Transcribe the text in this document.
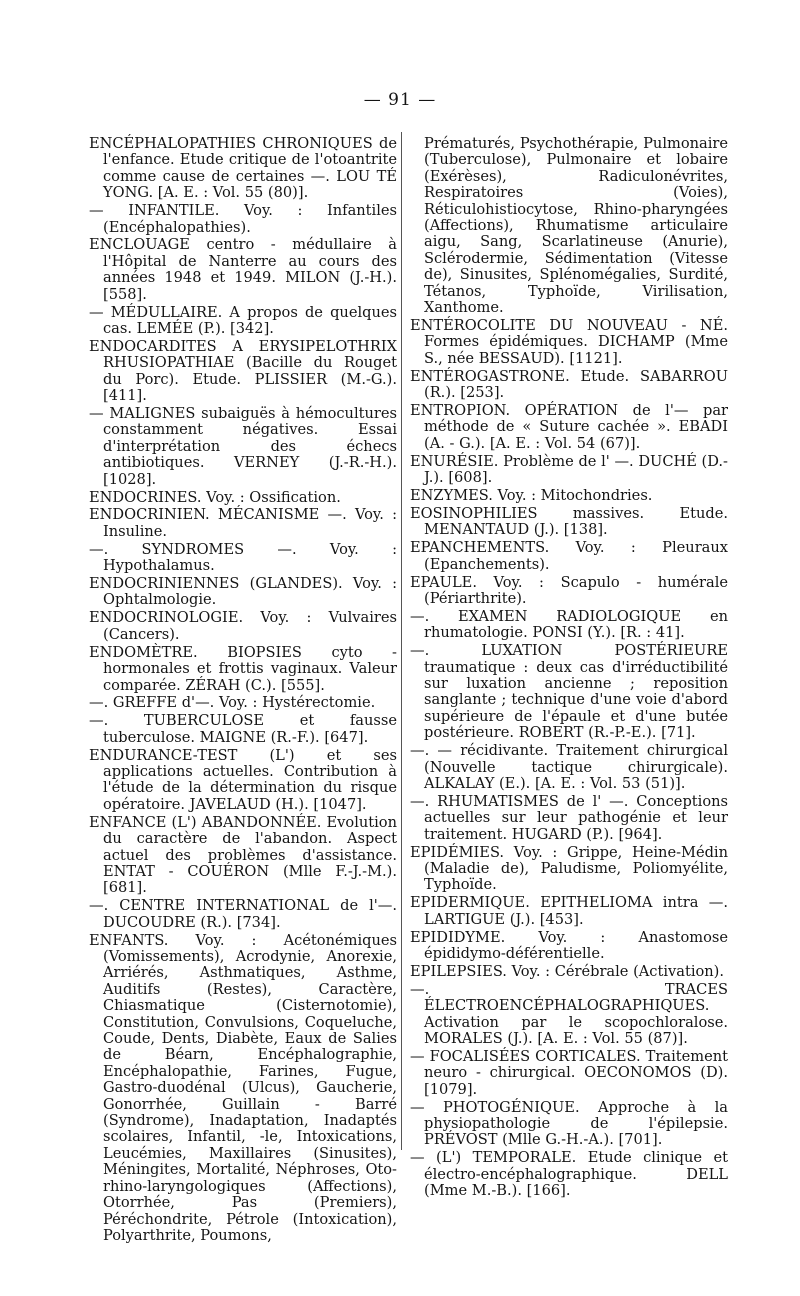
— 91 —

ENCÉPHALOPATHIES CHRONIQUES de l'enfance. Etude critique de l'otoantrite comme cause de certaines —. LOU TÉ YONG. [A. E. : Vol. 55 (80)].

— INFANTILE. Voy. : Infantiles (Encéphalopathies).

ENCLOUAGE centro - médullaire à l'Hôpital de Nanterre au cours des années 1948 et 1949. MILON (J.-H.). [558].

— MÉDULLAIRE. A propos de quelques cas. LEMÉE (P.). [342].

ENDOCARDITES A ERYSIPELOTHRIX RHUSIOPATHIAE (Bacille du Rouget du Porc). Etude. PLISSIER (M.-G.). [411].

— MALIGNES subaiguës à hémocultures constamment négatives. Essai d'interprétation des échecs antibiotiques. VERNEY (J.-R.-H.). [1028].

ENDOCRINES. Voy. : Ossification.

ENDOCRINIEN. MÉCANISME —. Voy. : Insuline.

—. SYNDROMES —. Voy. : Hypothalamus.

ENDOCRINIENNES (GLANDES). Voy. : Ophtalmologie.

ENDOCRINOLOGIE. Voy. : Vulvaires (Cancers).

ENDOMÈTRE. BIOPSIES cyto - hormonales et frottis vaginaux. Valeur comparée. ZÉRAH (C.). [555].

—. GREFFE d'—. Voy. : Hystérectomie.

—. TUBERCULOSE et fausse tuberculose. MAIGNE (R.-F.). [647].

ENDURANCE-TEST (L') et ses applications actuelles. Contribution à l'étude de la détermination du risque opératoire. JAVELAUD (H.). [1047].

ENFANCE (L') ABANDONNÉE. Evolution du caractère de l'abandon. Aspect actuel des problèmes d'assistance. ENTAT - COUÉRON (Mlle F.-J.-M.). [681].

—. CENTRE INTERNATIONAL de l'—. DUCOUDRE (R.). [734].

ENFANTS. Voy. : Acétonémiques (Vomissements), Acrodynie, Anorexie, Arriérés, Asthmatiques, Asthme, Auditifs (Restes), Caractère, Chiasmatique (Cisternotomie), Constitution, Convulsions, Coqueluche, Coude, Dents, Diabète, Eaux de Salies de Béarn, Encéphalographie, Encéphalopathie, Farines, Fugue, Gastro-duodénal (Ulcus), Gaucherie, Gonorrhée, Guillain - Barré (Syndrome), Inadaptation, Inadaptés scolaires, Infantil, -le, Intoxications, Leucémies, Maxillaires (Sinusites), Méningites, Mortalité, Néphroses, Oto-rhino-laryngologiques (Affections), Otorrhée, Pas (Premiers), Péréchondrite, Pétrole (Intoxication), Polyarthrite, Poumons,

Prématurés, Psychothérapie, Pulmonaire (Tuberculose), Pulmonaire et lobaire (Exérèses), Radiculonévrites, Respiratoires (Voies), Réticulohistiocytose, Rhino-pharyngées (Affections), Rhumatisme articulaire aigu, Sang, Scarlatineuse (Anurie), Sclérodermie, Sédimentation (Vitesse de), Sinusites, Splénomégalies, Surdité, Tétanos, Typhoïde, Virilisation, Xanthome.

ENTÉROCOLITE DU NOUVEAU - NÉ. Formes épidémiques. DICHAMP (Mme S., née BESSAUD). [1121].

ENTÉROGASTRONE. Etude. SABARROU (R.). [253].

ENTROPION. OPÉRATION de l'— par méthode de « Suture cachée ». EBADI (A. - G.). [A. E. : Vol. 54 (67)].

ENURÉSIE. Problème de l' —. DUCHÉ (D.-J.). [608].

ENZYMES. Voy. : Mitochondries.

EOSINOPHILIES massives. Etude. MENANTAUD (J.). [138].

EPANCHEMENTS. Voy. : Pleuraux (Epanchements).

EPAULE. Voy. : Scapulo - humérale (Périarthrite).

—. EXAMEN RADIOLOGIQUE en rhumatologie. PONSI (Y.). [R. : 41].

—. LUXATION POSTÉRIEURE traumatique : deux cas d'irréductibilité sur luxation ancienne ; reposition sanglante ; technique d'une voie d'abord supérieure de l'épaule et d'une butée postérieure. ROBERT (R.-P.-E.). [71].

—. — récidivante. Traitement chirurgical (Nouvelle tactique chirurgicale). ALKALAY (E.). [A. E. : Vol. 53 (51)].

—. RHUMATISMES de l' —. Conceptions actuelles sur leur pathogénie et leur traitement. HUGARD (P.). [964].

EPIDÉMIES. Voy. : Grippe, Heine-Médin (Maladie de), Paludisme, Poliomyélite, Typhoïde.

EPIDERMIQUE. EPITHELIOMA intra —. LARTIGUE (J.). [453].

EPIDIDYME. Voy. : Anastomose épididymo-déférentielle.

EPILEPSIES. Voy. : Cérébrale (Activation).

—. TRACES ÉLECTROENCÉPHALOGRAPHIQUES. Activation par le scopochloralose. MORALES (J.). [A. E. : Vol. 55 (87)].

— FOCALISÉES CORTICALES. Traitement neuro - chirurgical. OECONOMOS (D). [1079].

— PHOTOGÉNIQUE. Approche à la physiopathologie de l'épilepsie. PRÉVOST (Mlle G.-H.-A.). [701].

— (L') TEMPORALE. Etude clinique et électro-encéphalographique. DELL (Mme M.-B.). [166].
